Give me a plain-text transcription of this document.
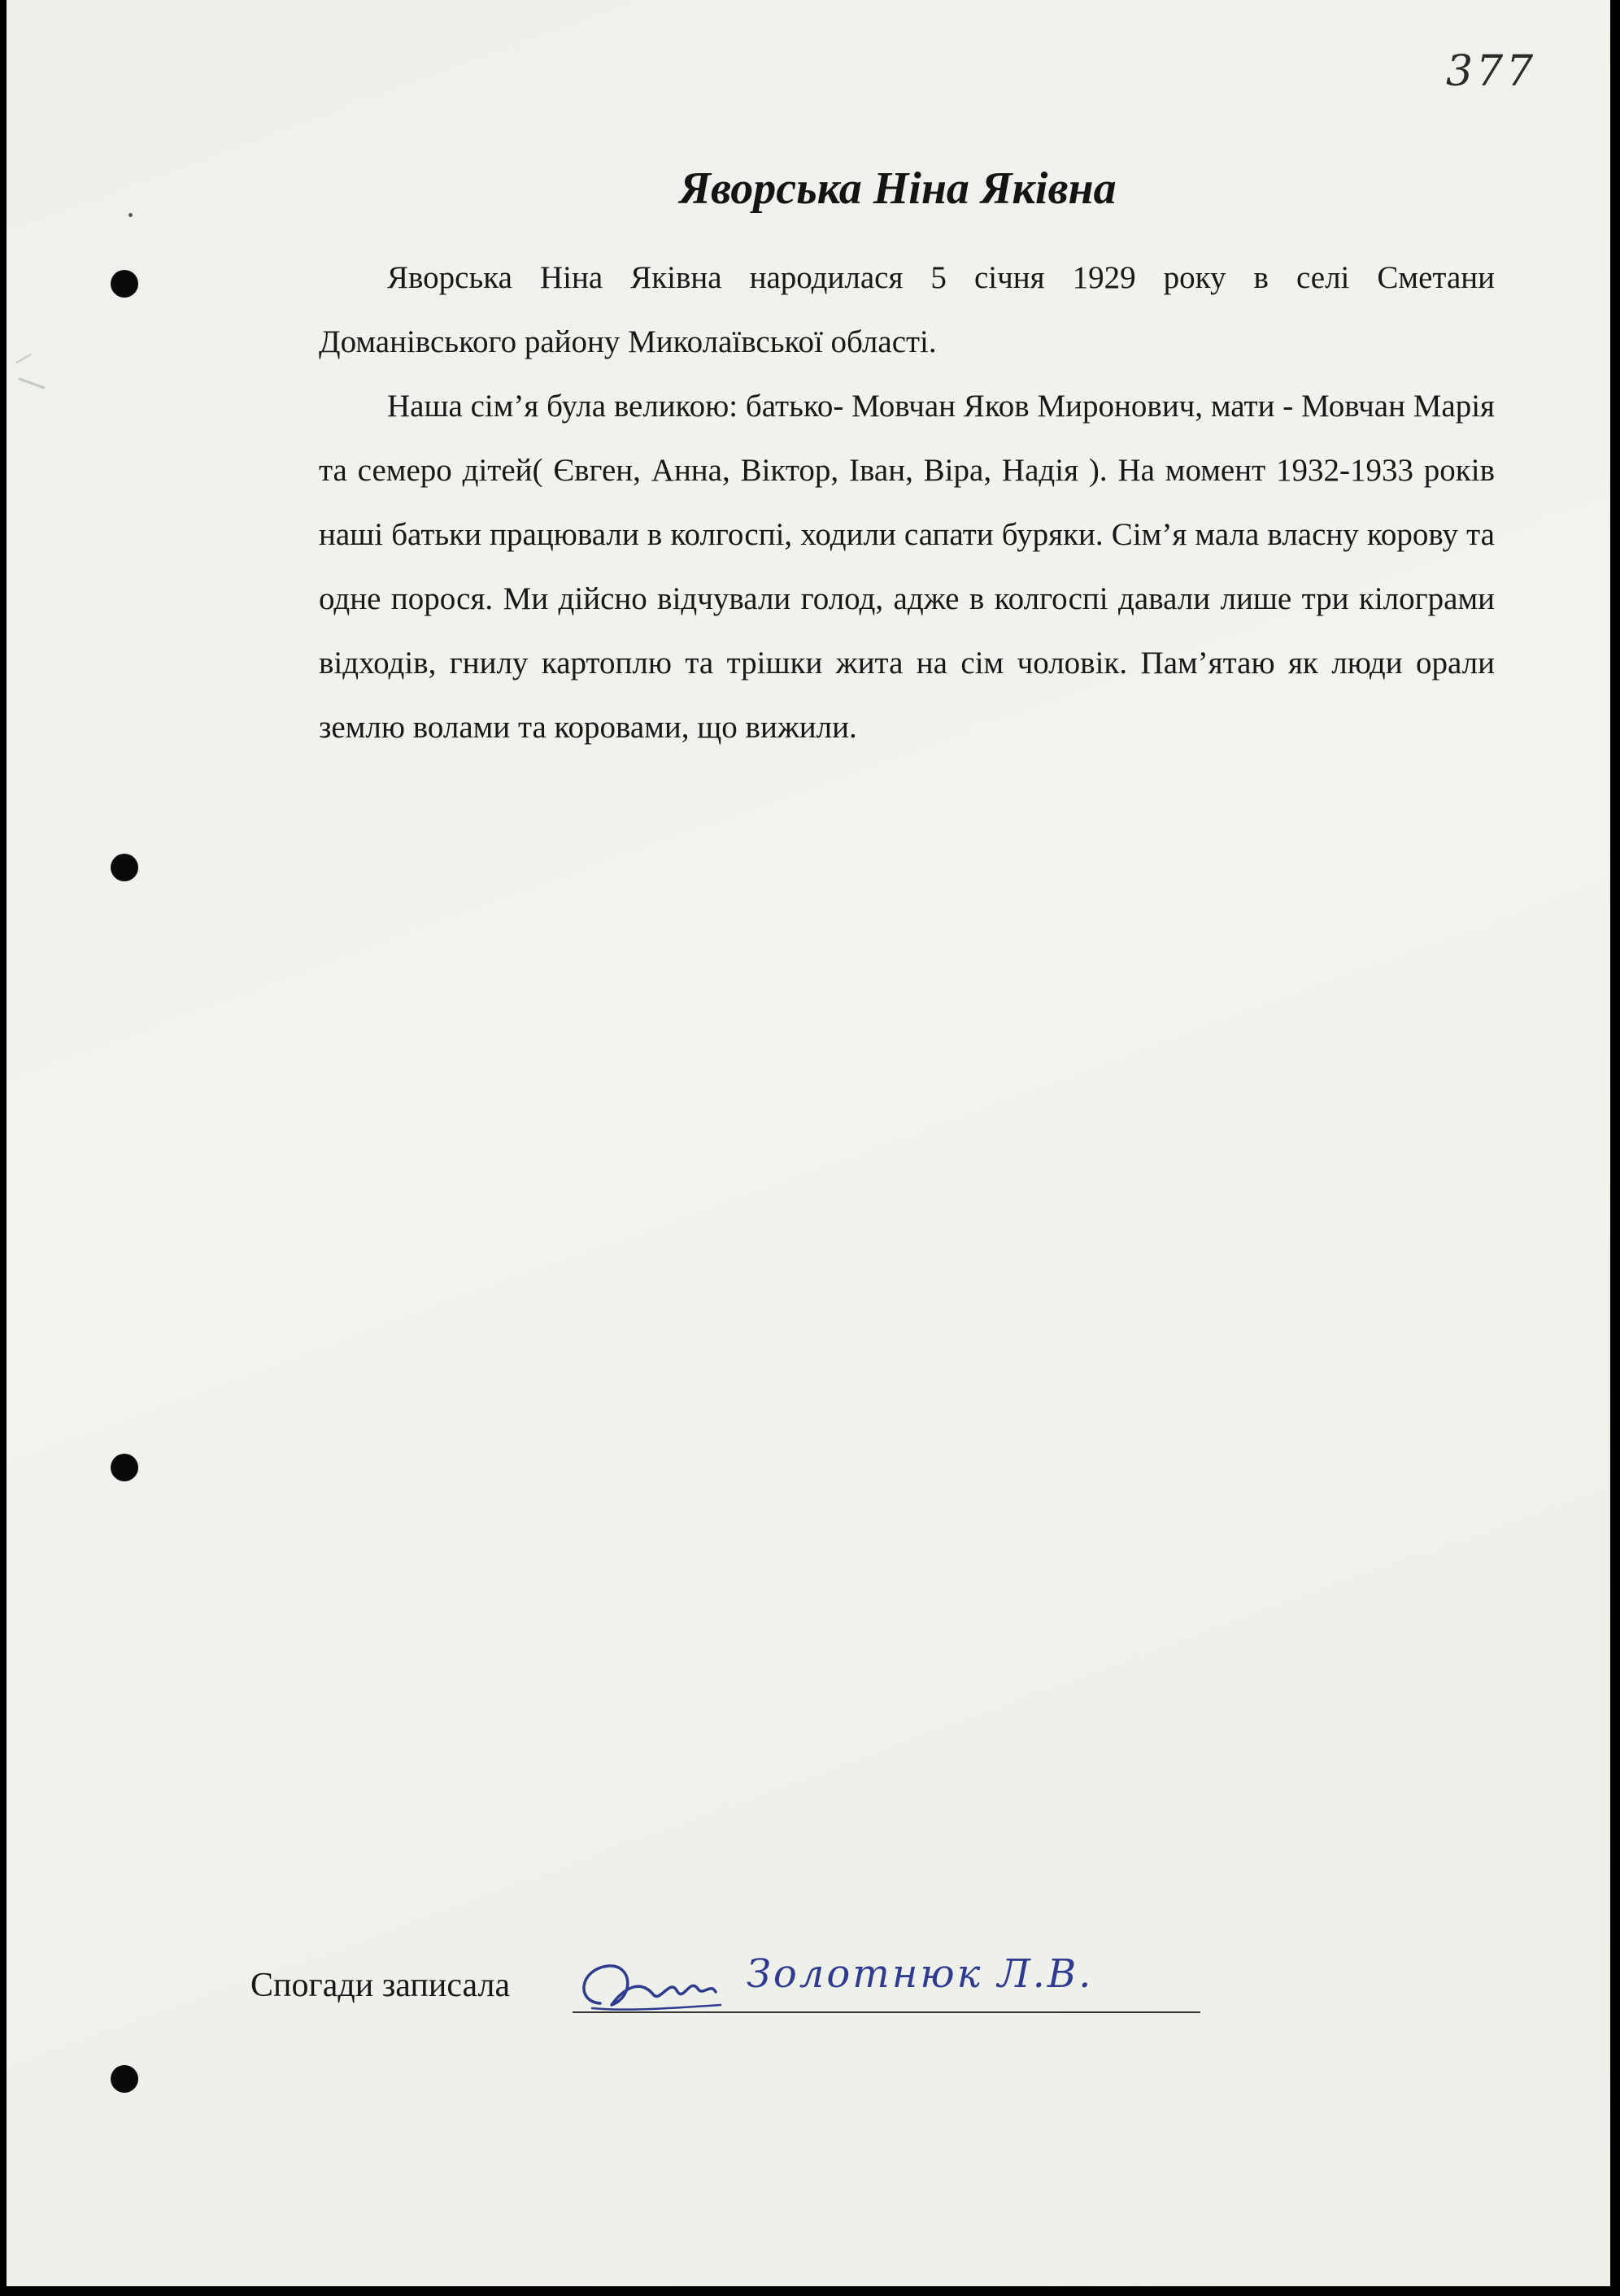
377
Яворська Ніна Яківна

Яворська Ніна Яківна народилася 5 січня 1929 року в селі Сметани Доманівського району Миколаївської області.

Наша сім’я була великою: батько- Мовчан Яков Миронович, мати - Мовчан Марія та семеро дітей( Євген, Анна, Віктор, Іван, Віра, Надія ). На момент 1932-1933 років наші батьки працювали в колгоспі, ходили сапати буряки. Сім’я мала власну корову та одне порося. Ми дійсно відчували голод, адже в колгоспі давали лише три кілограми відходів, гнилу картоплю та трішки жита на сім чоловік. Пам’ятаю як люди орали землю волами та коровами, що вижили.

Спогади записала	Золотнюк Л.В.
